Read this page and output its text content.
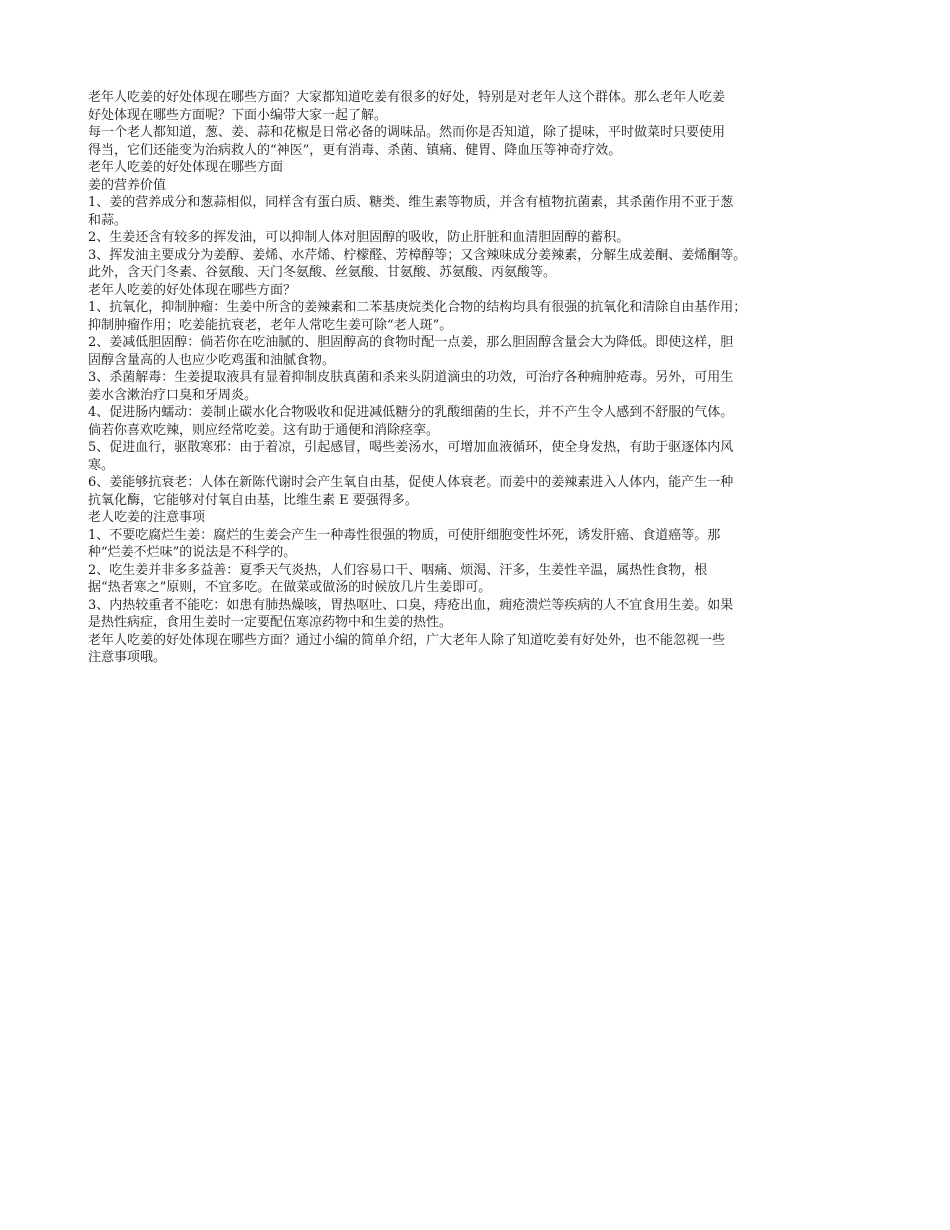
老年人吃姜的好处体现在哪些方面？大家都知道吃姜有很多的好处，特别是对老年人这个群体。那么老年人吃姜
好处体现在哪些方面呢？下面小编带大家一起了解。
每一个老人都知道，葱、姜、蒜和花椒是日常必备的调味品。然而你是否知道，除了提味，平时做菜时只要使用
得当，它们还能变为治病救人的“神医”，更有消毒、杀菌、镇痛、健胃、降血压等神奇疗效。
老年人吃姜的好处体现在哪些方面
姜的营养价值
1、姜的营养成分和葱蒜相似，同样含有蛋白质、糖类、维生素等物质，并含有植物抗菌素，其杀菌作用不亚于葱
和蒜。
2、生姜还含有较多的挥发油，可以抑制人体对胆固醇的吸收，防止肝脏和血清胆固醇的蓄积。
3、挥发油主要成分为姜醇、姜烯、水芹烯、柠檬醛、芳樟醇等；又含辣味成分姜辣素，分解生成姜酮、姜烯酮等。
此外，含天门冬素、谷氨酸、天门冬氨酸、丝氨酸、甘氨酸、苏氨酸、丙氨酸等。
老年人吃姜的好处体现在哪些方面？
1、抗氧化，抑制肿瘤：生姜中所含的姜辣素和二苯基庚烷类化合物的结构均具有很强的抗氧化和清除自由基作用；
抑制肿瘤作用；吃姜能抗衰老，老年人常吃生姜可除“老人斑”。
2、姜减低胆固醇：倘若你在吃油腻的、胆固醇高的食物时配一点姜，那么胆固醇含量会大为降低。即使这样，胆
固醇含量高的人也应少吃鸡蛋和油腻食物。
3、杀菌解毒：生姜提取液具有显着抑制皮肤真菌和杀来头阴道滴虫的功效，可治疗各种痈肿疮毒。另外，可用生
姜水含漱治疗口臭和牙周炎。
4、促进肠内蠕动：姜制止碳水化合物吸收和促进减低糖分的乳酸细菌的生长，并不产生令人感到不舒服的气体。
倘若你喜欢吃辣，则应经常吃姜。这有助于通便和消除痉挛。
5、促进血行，驱散寒邪：由于着凉，引起感冒，喝些姜汤水，可增加血液循环，使全身发热，有助于驱逐体内风
寒。
6、姜能够抗衰老：人体在新陈代谢时会产生氧自由基，促使人体衰老。而姜中的姜辣素进入人体内，能产生一种
抗氧化酶，它能够对付氧自由基，比维生素 E 要强得多。
老人吃姜的注意事项
1、不要吃腐烂生姜：腐烂的生姜会产生一种毒性很强的物质，可使肝细胞变性坏死，诱发肝癌、食道癌等。那
种“烂姜不烂味”的说法是不科学的。
2、吃生姜并非多多益善：夏季天气炎热，人们容易口干、咽痛、烦渴、汗多，生姜性辛温，属热性食物，根
据“热者寒之”原则，不宜多吃。在做菜或做汤的时候放几片生姜即可。
3、内热较重者不能吃：如患有肺热燥咳，胃热呕吐、口臭，痔疮出血，痈疮溃烂等疾病的人不宜食用生姜。如果
是热性病症，食用生姜时一定要配伍寒凉药物中和生姜的热性。
老年人吃姜的好处体现在哪些方面？通过小编的简单介绍，广大老年人除了知道吃姜有好处外，也不能忽视一些
注意事项哦。
